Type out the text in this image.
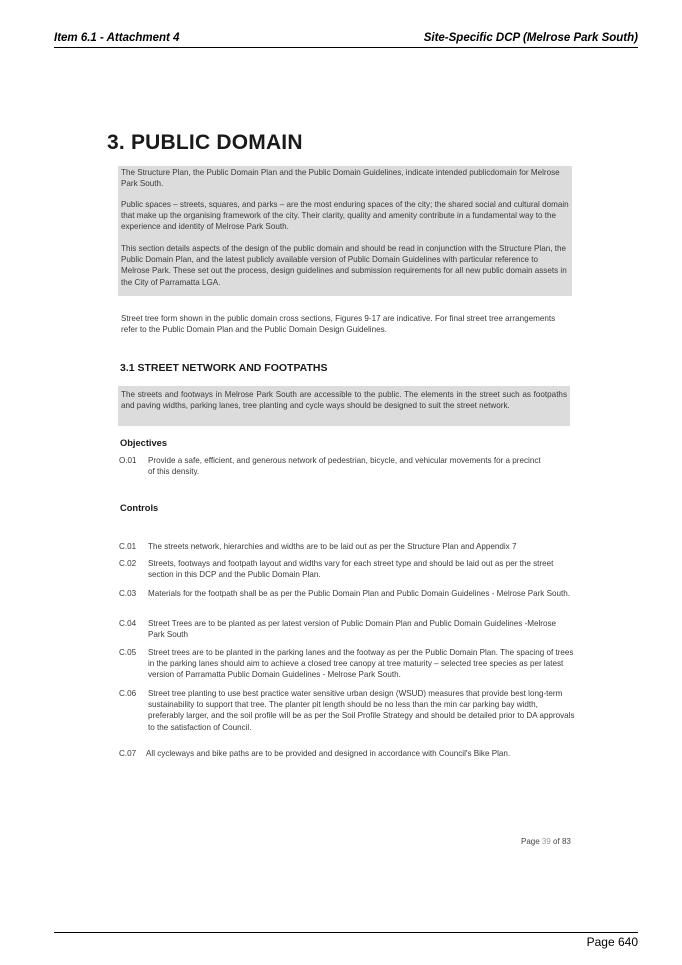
Item 6.1 - Attachment 4	Site-Specific DCP (Melrose Park South)
3. PUBLIC DOMAIN
The Structure Plan, the Public Domain Plan and the Public Domain Guidelines, indicate intended publicdomain for Melrose Park South.
Public spaces – streets, squares, and parks – are the most enduring spaces of the city; the shared social and cultural domain that make up the organising framework of the city. Their clarity, quality and amenity contribute in a fundamental way to the experience and identity of Melrose Park South.
This section details aspects of the design of the public domain and should be read in conjunction with the Structure Plan, the Public Domain Plan, and the latest publicly available version of Public Domain Guidelines with particular reference to Melrose Park. These set out the process, design guidelines and submission requirements for all new public domain assets in the City of Parramatta LGA.
Street tree form shown in the public domain cross sections, Figures 9-17 are indicative. For final street tree arrangements refer to the Public Domain Plan and the Public Domain Design Guidelines.
3.1 STREET NETWORK AND FOOTPATHS
The streets and footways in Melrose Park South are accessible to the public. The elements in the street such as footpaths and paving widths, parking lanes, tree planting and cycle ways should be designed to suit the street network.
Objectives
O.01 Provide a safe, efficient, and generous network of pedestrian, bicycle, and vehicular movements for a precinct of this density.
Controls
C.01 The streets network, hierarchies and widths are to be laid out as per the Structure Plan and Appendix 7
C.02 Streets, footways and footpath layout and widths vary for each street type and should be laid out as per the street section in this DCP and the Public Domain Plan.
C.03 Materials for the footpath shall be as per the Public Domain Plan and Public Domain Guidelines - Melrose Park South.
C.04 Street Trees are to be planted as per latest version of Public Domain Plan and Public Domain Guidelines -Melrose Park South
C.05 Street trees are to be planted in the parking lanes and the footway as per the Public Domain Plan. The spacing of trees in the parking lanes should aim to achieve a closed tree canopy at tree maturity – selected tree species as per latest version of Parramatta Public Domain Guidelines - Melrose Park South.
C.06 Street tree planting to use best practice water sensitive urban design (WSUD) measures that provide best long-term sustainability to support that tree. The planter pit length should be no less than the min car parking bay width, preferably larger, and the soil profile will be as per the Soil Profile Strategy and should be detailed prior to DA approvals to the satisfaction of Council.
C.07 All cycleways and bike paths are to be provided and designed in accordance with Council's Bike Plan.
Page 39 of 83
Page 640
